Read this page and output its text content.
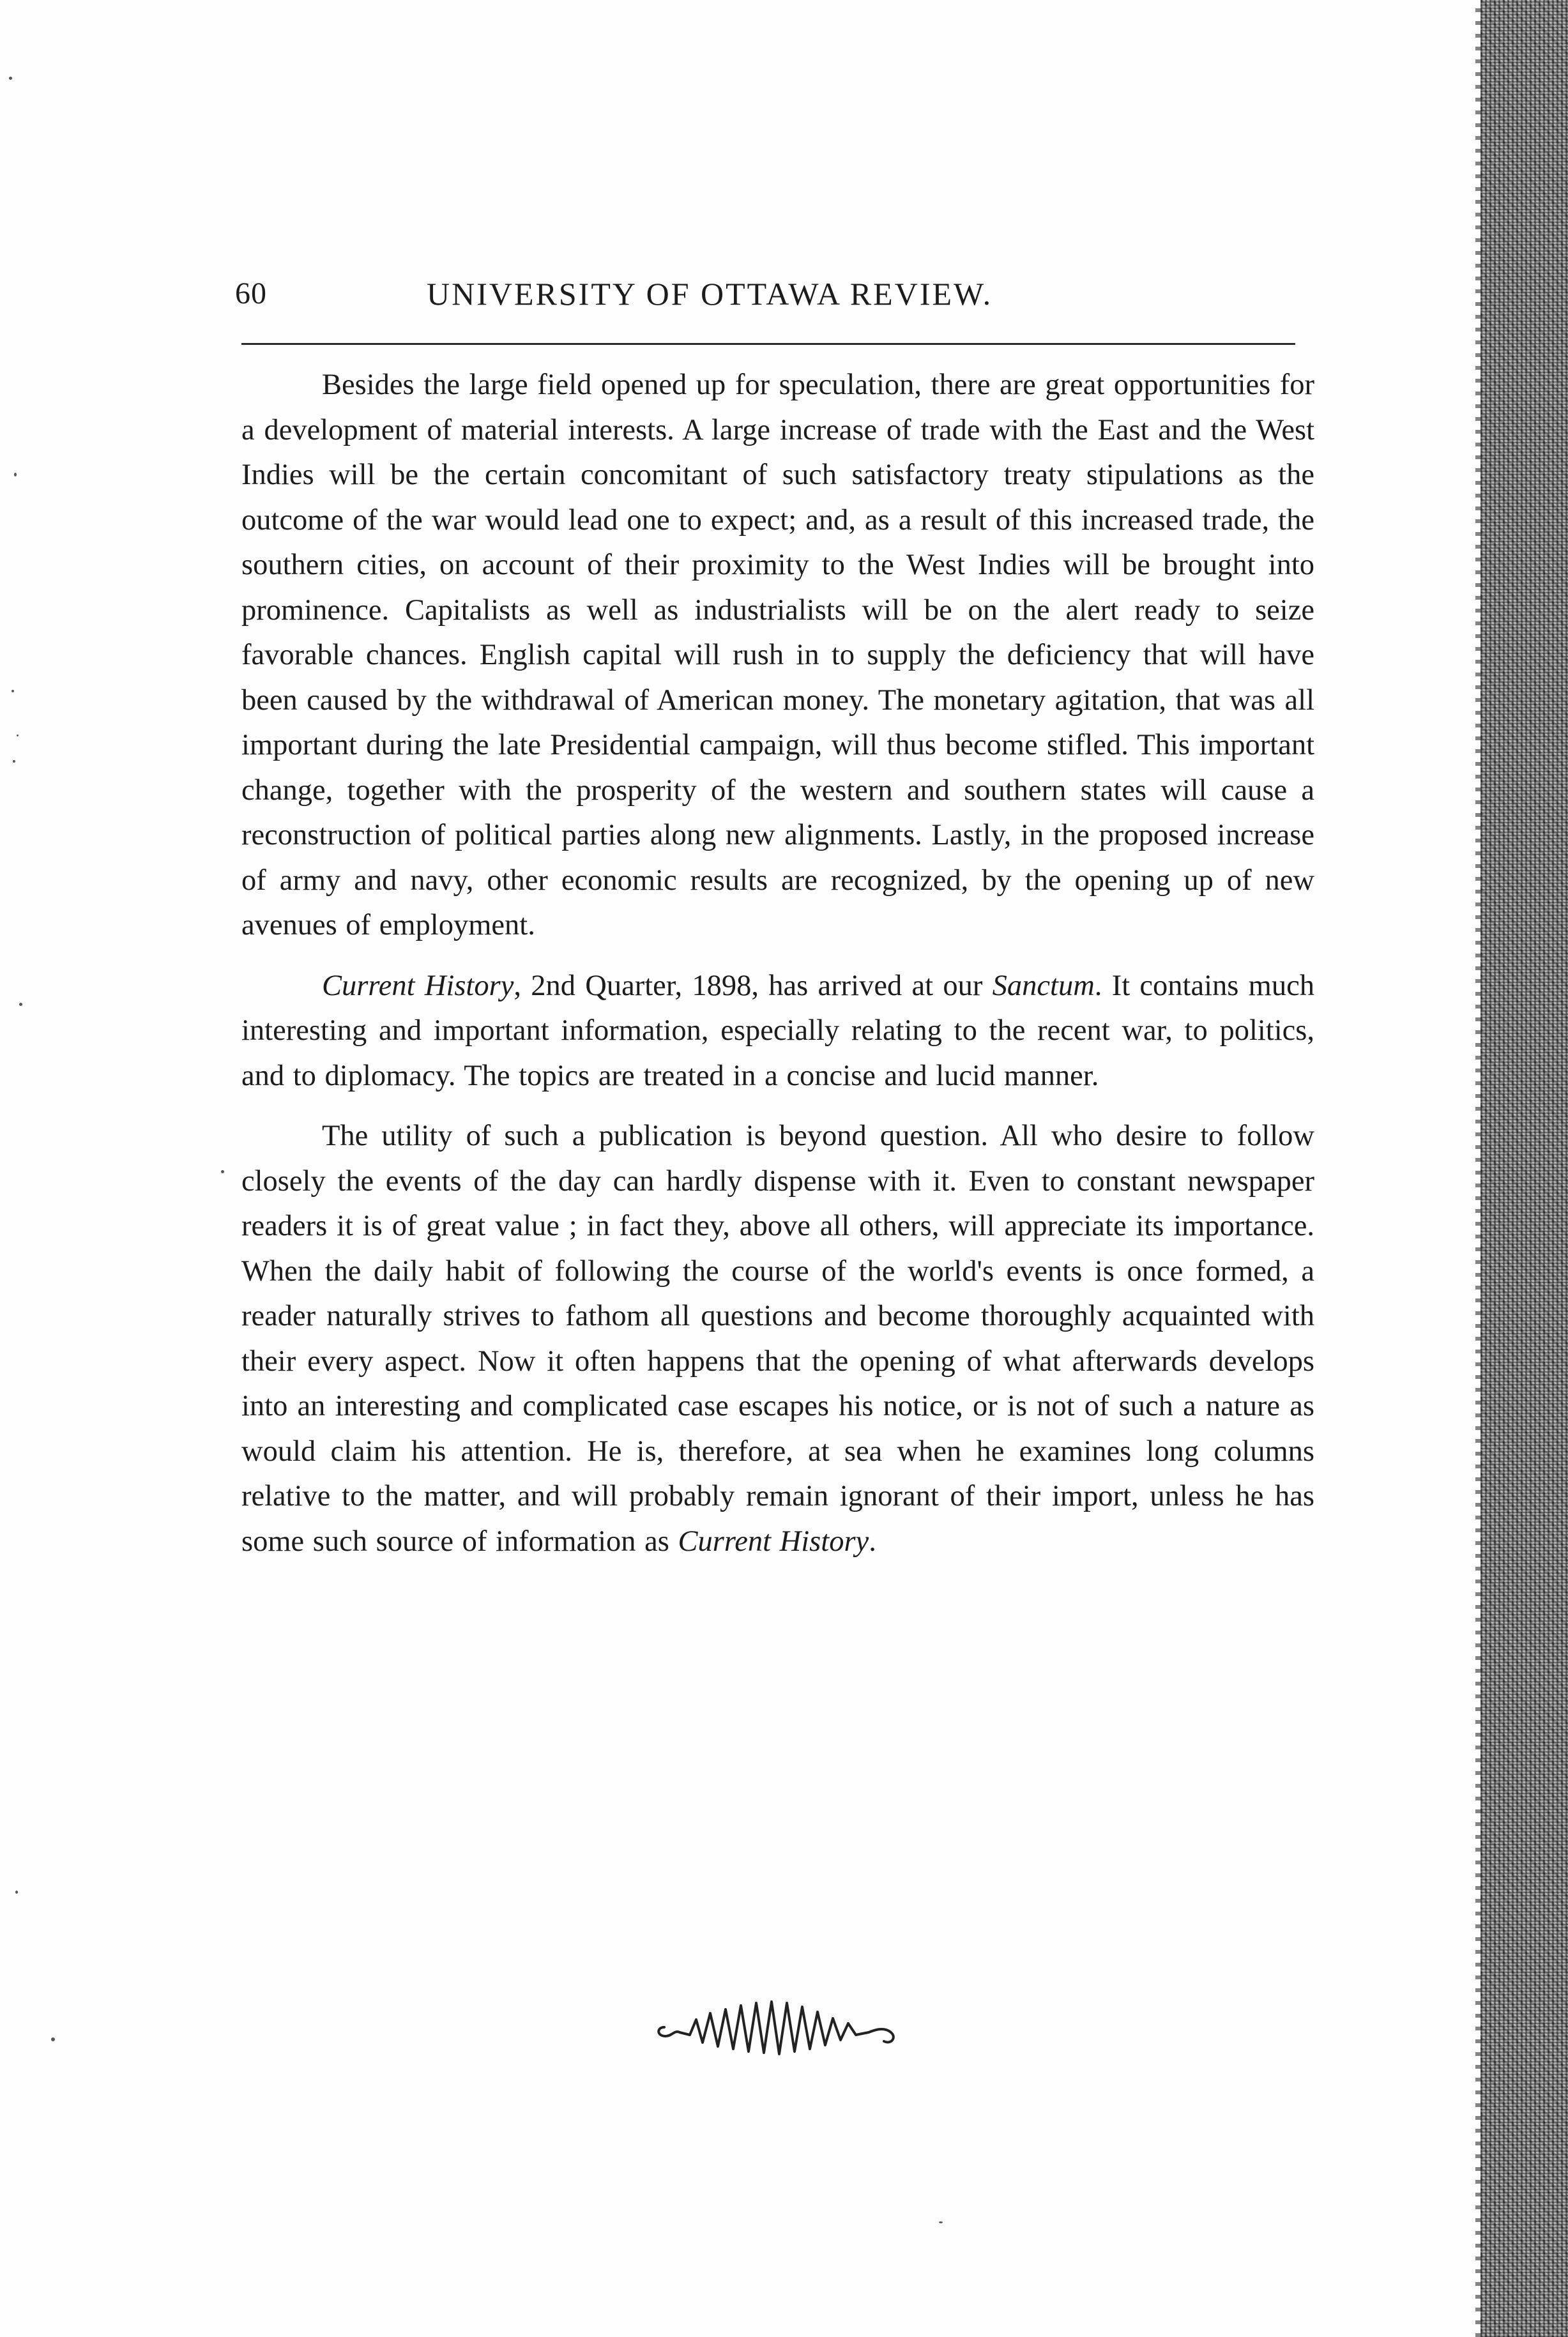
60	UNIVERSITY OF OTTAWA REVIEW.

Besides the large field opened up for speculation, there are great opportunities for a development of material interests. A large increase of trade with the East and the West Indies will be the certain concomitant of such satisfactory treaty stipulations as the outcome of the war would lead one to expect; and, as a result of this increased trade, the southern cities, on account of their proximity to the West Indies will be brought into prominence. Capitalists as well as industrialists will be on the alert ready to seize favorable chances. English capital will rush in to supply the deficiency that will have been caused by the withdrawal of American money. The monetary agitation, that was all important during the late Presidential campaign, will thus become stifled. This important change, together with the prosperity of the western and southern states will cause a reconstruction of political parties along new alignments. Lastly, in the proposed increase of army and navy, other economic results are recognized, by the opening up of new avenues of employment.

Current History, 2nd Quarter, 1898, has arrived at our Sanctum. It contains much interesting and important information, especially relating to the recent war, to politics, and to diplomacy. The topics are treated in a concise and lucid manner.

The utility of such a publication is beyond question. All who desire to follow closely the events of the day can hardly dispense with it. Even to constant newspaper readers it is of great value ; in fact they, above all others, will appreciate its importance. When the daily habit of following the course of the world's events is once formed, a reader naturally strives to fathom all questions and become thoroughly acquainted with their every aspect. Now it often happens that the opening of what afterwards develops into an interesting and complicated case escapes his notice, or is not of such a nature as would claim his attention. He is, therefore, at sea when he examines long columns relative to the matter, and will probably remain ignorant of their import, unless he has some such source of information as Current History.
